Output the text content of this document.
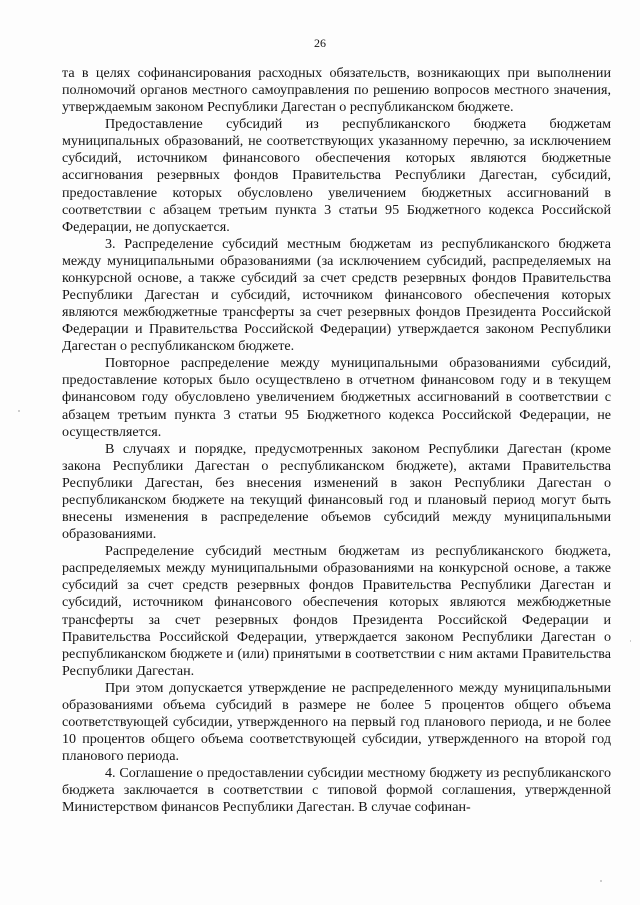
26

та в целях софинансирования расходных обязательств, возникающих при выполнении полномочий органов местного самоуправления по решению вопросов местного значения, утверждаемым законом Республики Дагестан о республиканском бюджете.

Предоставление субсидий из республиканского бюджета бюджетам муниципальных образований, не соответствующих указанному перечню, за исключением субсидий, источником финансового обеспечения которых являются бюджетные ассигнования резервных фондов Правительства Республики Дагестан, субсидий, предоставление которых обусловлено увеличением бюджетных ассигнований в соответствии с абзацем третьим пункта 3 статьи 95 Бюджетного кодекса Российской Федерации, не допускается.

3. Распределение субсидий местным бюджетам из республиканского бюджета между муниципальными образованиями (за исключением субсидий, распределяемых на конкурсной основе, а также субсидий за счет средств резервных фондов Правительства Республики Дагестан и субсидий, источником финансового обеспечения которых являются межбюджетные трансферты за счет резервных фондов Президента Российской Федерации и Правительства Российской Федерации) утверждается законом Республики Дагестан о республиканском бюджете.

Повторное распределение между муниципальными образованиями субсидий, предоставление которых было осуществлено в отчетном финансовом году и в текущем финансовом году обусловлено увеличением бюджетных ассигнований в соответствии с абзацем третьим пункта 3 статьи 95 Бюджетного кодекса Российской Федерации, не осуществляется.

В случаях и порядке, предусмотренных законом Республики Дагестан (кроме закона Республики Дагестан о республиканском бюджете), актами Правительства Республики Дагестан, без внесения изменений в закон Республики Дагестан о республиканском бюджете на текущий финансовый год и плановый период могут быть внесены изменения в распределение объемов субсидий между муниципальными образованиями.

Распределение субсидий местным бюджетам из республиканского бюджета, распределяемых между муниципальными образованиями на конкурсной основе, а также субсидий за счет средств резервных фондов Правительства Республики Дагестан и субсидий, источником финансового обеспечения которых являются межбюджетные трансферты за счет резервных фондов Президента Российской Федерации и Правительства Российской Федерации, утверждается законом Республики Дагестан о республиканском бюджете и (или) принятыми в соответствии с ним актами Правительства Республики Дагестан.

При этом допускается утверждение не распределенного между муниципальными образованиями объема субсидий в размере не более 5 процентов общего объема соответствующей субсидии, утвержденного на первый год планового периода, и не более 10 процентов общего объема соответствующей субсидии, утвержденного на второй год планового периода.

4. Соглашение о предоставлении субсидии местному бюджету из республиканского бюджета заключается в соответствии с типовой формой соглашения, утвержденной Министерством финансов Республики Дагестан. В случае софинан-
